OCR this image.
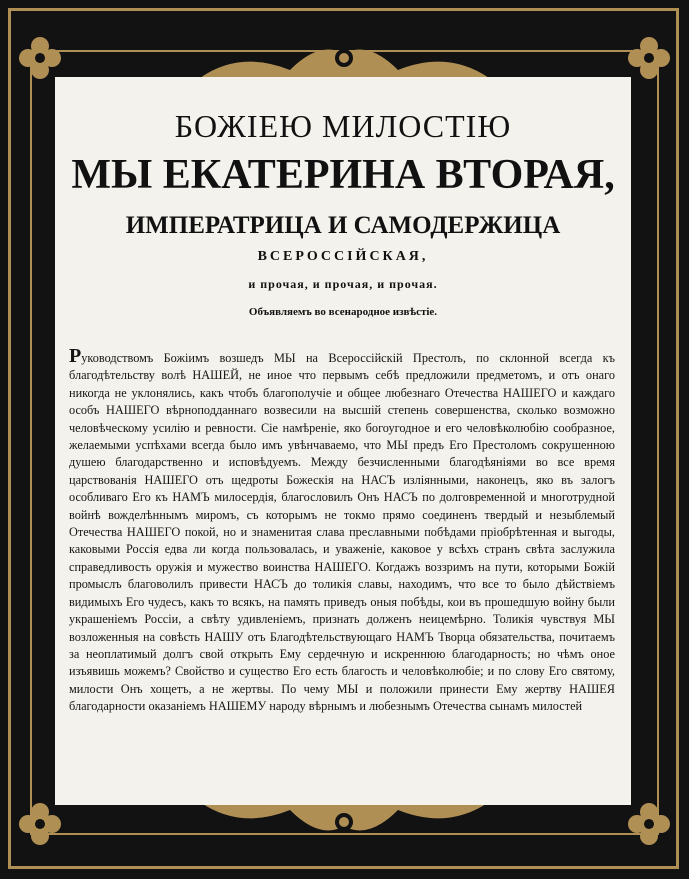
БОЖІЕЮ МИЛОСТІЮ
МЫ ЕКАТЕРИНА ВТОРАЯ,
ИМПЕРАТРИЦА И САМОДЕРЖИЦА
ВСЕРОССІЙСКАЯ,
и прочая, и прочая, и прочая.
Объявляемъ во всенародное извѣстіе.
Руководствомъ Божіимъ возшедъ МЫ на Всероссійскій Престолъ, по склонной всегда къ благодѣтельству волѣ НАШЕЙ, не иное что первымъ себѣ предложили предметомъ, и отъ онаго никогда не уклонялись, какъ чтобъ благополучіе и общее любезнаго Отечества НАШЕГО и каждаго особъ НАШЕГО вѣрноподданнаго возвесили на высшій степень совершенства, сколько возможно человѣческому усилію и ревности. Сіе намѣреніе, яко богоугодное и его человѣколюбію сообразное, желаемыми успѣхами всегда было имъ увѣнчаваемо, что МЫ предъ Его Престоломъ сокрушенною душею благодарственно и исповѣдуемъ. Между безчисленными благодѣяніями во все время царствованія НАШЕГО отъ щедроты Божескія на НАСЪ изліянными, наконецъ, яко въ залогъ особливаго Его къ НАМЪ милосердія, благословилъ Онъ НАСЪ по долговременной и многотрудной войнѣ вожделѣннымъ миромъ, съ которымъ не токмо прямо соединенъ твердый и незыблемый Отечества НАШЕГО покой, но и знаменитая слава преславными побѣдами пріобрѣтенная и выгоды, каковыми Россія едва ли когда пользовалась, и уваженіе, каковое у всѣхъ странъ свѣта заслужила справедливость оружія и мужество воинства НАШЕГО. Когдажъ воззримъ на пути, которыми Божій промыслъ благоволилъ привести НАСЪ до толикія славы, находимъ, что все то было дѣйствіемъ видимыхъ Его чудесъ, какъ то всякъ, на память приведъ оныя побѣды, кои въ прошедшую войну были украшеніемъ Россіи, а свѣту удивленіемъ, признать долженъ неицемѣрно. Толикія чувствуя МЫ возложенныя на совѣсть НАШУ отъ Благодѣтельствующаго НАМЪ Творца обязательства, почитаемъ за неоплатимый долгъ свой открыть Ему сердечную и искреннюю благодарность; но чѣмъ оное изъявишь можемъ? Свойство и существо Его есть благость и человѣколюбіе; и по слову Его святому, милости Онъ хощетъ, а не жертвы. По чему МЫ и положили принести Ему жертву НАШЕЯ благодарности оказаніемъ НАШЕМУ народу вѣрнымъ и любезнымъ Отечества сынамъ милостей
